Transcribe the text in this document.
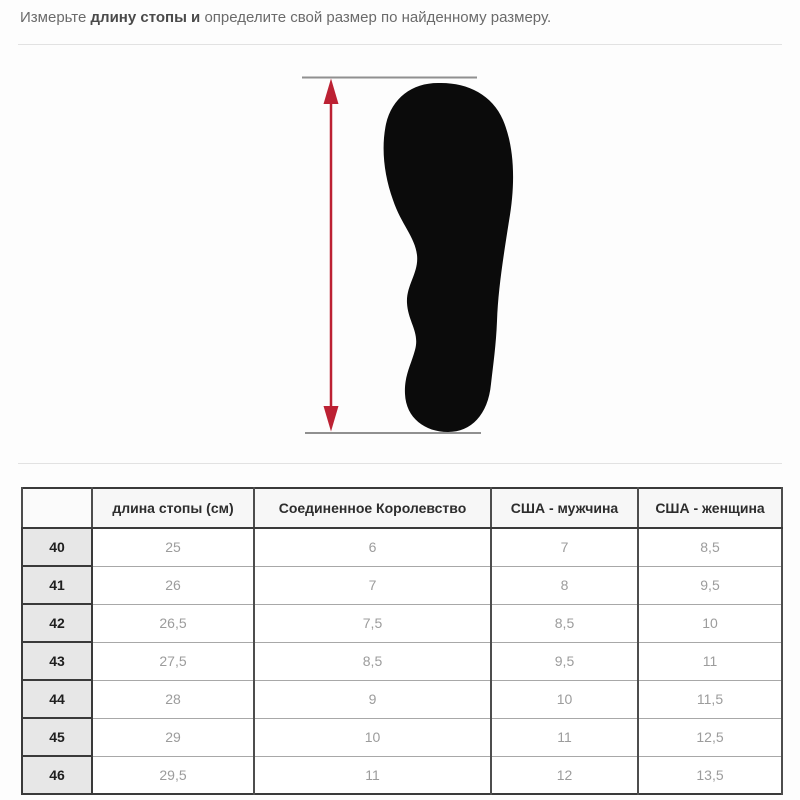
Измерьте длину стопы и определите свой размер по найденному размеру.
	длина стопы (см)	Соединенное Королевство	США - мужчина	США - женщина
40	25	6	7	8,5
41	26	7	8	9,5
42	26,5	7,5	8,5	10
43	27,5	8,5	9,5	11
44	28	9	10	11,5
45	29	10	11	12,5
46	29,5	11	12	13,5
